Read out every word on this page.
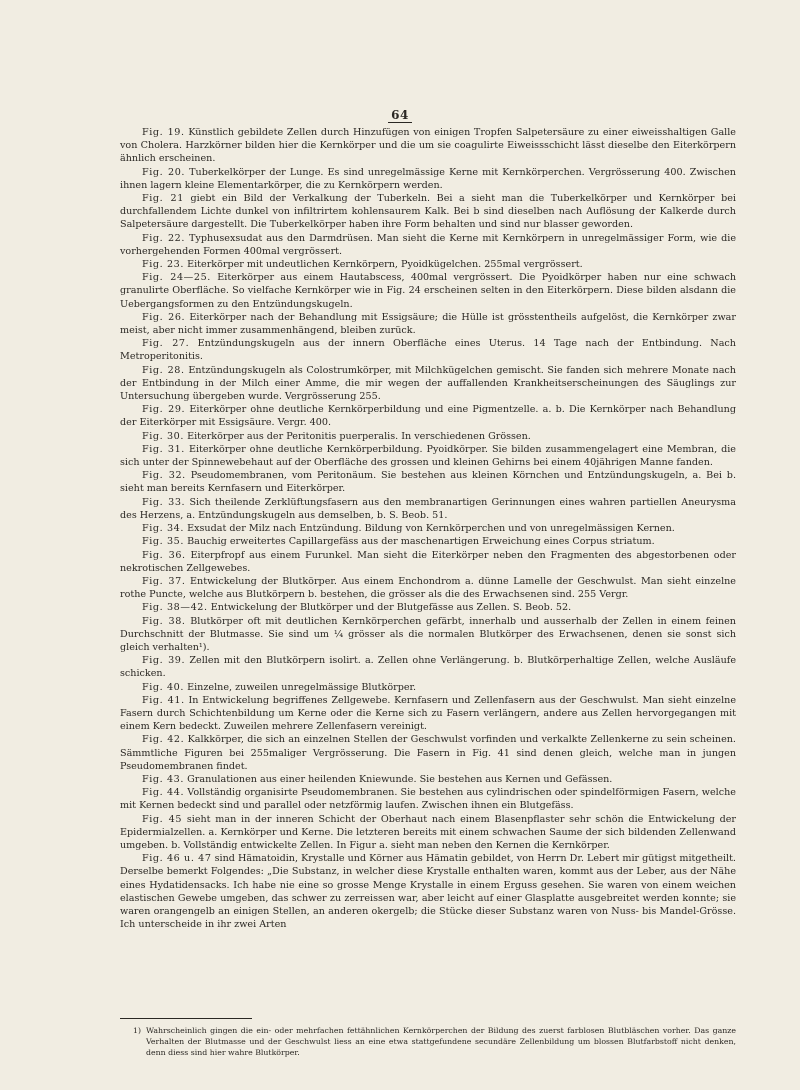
64

Fig. 19. Künstlich gebildete Zellen durch Hinzufügen von einigen Tropfen Salpetersäure zu einer eiweisshaltigen Galle von Cholera. Harzkörner bilden hier die Kernkörper und die um sie coagulirte Eiweissschicht lässt dieselbe den Eiterkörpern ähnlich erscheinen.

Fig. 20. Tuberkelkörper der Lunge. Es sind unregelmässige Kerne mit Kernkörperchen. Vergrösserung 400. Zwischen ihnen lagern kleine Elementarkörper, die zu Kernkörpern werden.

Fig. 21 giebt ein Bild der Verkalkung der Tuberkeln. Bei a sieht man die Tuberkelkörper und Kernkörper bei durchfallendem Lichte dunkel von infiltrirtem kohlensaurem Kalk. Bei b sind dieselben nach Auflösung der Kalkerde durch Salpetersäure dargestellt. Die Tuberkelkörper haben ihre Form behalten und sind nur blasser geworden.

Fig. 22. Typhusexsudat aus den Darmdrüsen. Man sieht die Kerne mit Kernkörpern in unregelmässiger Form, wie die vorhergehenden Formen 400mal vergrössert.

Fig. 23. Eiterkörper mit undeutlichen Kernkörpern, Pyoidkügelchen. 255mal vergrössert.

Fig. 24—25. Eiterkörper aus einem Hautabscess, 400mal vergrössert. Die Pyoidkörper haben nur eine schwach granulirte Oberfläche. So vielfache Kernkörper wie in Fig. 24 erscheinen selten in den Eiterkörpern. Diese bilden alsdann die Uebergangsformen zu den Entzündungskugeln.

Fig. 26. Eiterkörper nach der Behandlung mit Essigsäure; die Hülle ist grösstentheils aufgelöst, die Kernkörper zwar meist, aber nicht immer zusammenhängend, bleiben zurück.

Fig. 27. Entzündungskugeln aus der innern Oberfläche eines Uterus. 14 Tage nach der Entbindung. Nach Metroperitonitis.

Fig. 28. Entzündungskugeln als Colostrumkörper, mit Milchkügelchen gemischt. Sie fanden sich mehrere Monate nach der Entbindung in der Milch einer Amme, die mir wegen der auffallenden Krankheitserscheinungen des Säuglings zur Untersuchung übergeben wurde. Vergrösserung 255.

Fig. 29. Eiterkörper ohne deutliche Kernkörperbildung und eine Pigmentzelle. a. b. Die Kernkörper nach Behandlung der Eiterkörper mit Essigsäure. Vergr. 400.

Fig. 30. Eiterkörper aus der Peritonitis puerperalis. In verschiedenen Grössen.

Fig. 31. Eiterkörper ohne deutliche Kernkörperbildung. Pyoidkörper. Sie bilden zusammengelagert eine Membran, die sich unter der Spinnewebehaut auf der Oberfläche des grossen und kleinen Gehirns bei einem 40jährigen Manne fanden.

Fig. 32. Pseudomembranen, vom Peritonäum. Sie bestehen aus kleinen Körnchen und Entzündungskugeln, a. Bei b. sieht man bereits Kernfasern und Eiterkörper.

Fig. 33. Sich theilende Zerklüftungsfasern aus den membranartigen Gerinnungen eines wahren partiellen Aneurysma des Herzens, a. Entzündungskugeln aus demselben, b. S. Beob. 51.

Fig. 34. Exsudat der Milz nach Entzündung. Bildung von Kernkörperchen und von unregelmässigen Kernen.

Fig. 35. Bauchig erweitertes Capillargefäss aus der maschenartigen Erweichung eines Corpus striatum.

Fig. 36. Eiterpfropf aus einem Furunkel. Man sieht die Eiterkörper neben den Fragmenten des abgestorbenen oder nekrotischen Zellgewebes.

Fig. 37. Entwickelung der Blutkörper. Aus einem Enchondrom a. dünne Lamelle der Geschwulst. Man sieht einzelne rothe Puncte, welche aus Blutkörpern b. bestehen, die grösser als die des Erwachsenen sind. 255 Vergr.

Fig. 38—42. Entwickelung der Blutkörper und der Blutgefässe aus Zellen. S. Beob. 52.

Fig. 38. Blutkörper oft mit deutlichen Kernkörperchen gefärbt, innerhalb und ausserhalb der Zellen in einem feinen Durchschnitt der Blutmasse. Sie sind um ¼ grösser als die normalen Blutkörper des Erwachsenen, denen sie sonst sich gleich verhalten¹).

Fig. 39. Zellen mit den Blutkörpern isolirt. a. Zellen ohne Verlängerung. b. Blutkörperhaltige Zellen, welche Ausläufe schicken.

Fig. 40. Einzelne, zuweilen unregelmässige Blutkörper.

Fig. 41. In Entwickelung begriffenes Zellgewebe. Kernfasern und Zellenfasern aus der Geschwulst. Man sieht einzelne Fasern durch Schichtenbildung um Kerne oder die Kerne sich zu Fasern verlängern, andere aus Zellen hervorgegangen mit einem Kern bedeckt. Zuweilen mehrere Zellenfasern vereinigt.

Fig. 42. Kalkkörper, die sich an einzelnen Stellen der Geschwulst vorfinden und verkalkte Zellenkerne zu sein scheinen. Sämmtliche Figuren bei 255maliger Vergrösserung. Die Fasern in Fig. 41 sind denen gleich, welche man in jungen Pseudomembranen findet.

Fig. 43. Granulationen aus einer heilenden Kniewunde. Sie bestehen aus Kernen und Gefässen.

Fig. 44. Vollständig organisirte Pseudomembranen. Sie bestehen aus cylindrischen oder spindelförmigen Fasern, welche mit Kernen bedeckt sind und parallel oder netzförmig laufen. Zwischen ihnen ein Blutgefäss.

Fig. 45 sieht man in der inneren Schicht der Oberhaut nach einem Blasenpflaster sehr schön die Entwickelung der Epidermialzellen. a. Kernkörper und Kerne. Die letzteren bereits mit einem schwachen Saume der sich bildenden Zellenwand umgeben. b. Vollständig entwickelte Zellen. In Figur a. sieht man neben den Kernen die Kernkörper.

Fig. 46 u. 47 sind Hämatoidin, Krystalle und Körner aus Hämatin gebildet, von Herrn Dr. Lebert mir gütigst mitgetheilt. Derselbe bemerkt Folgendes: „Die Substanz, in welcher diese Krystalle enthalten waren, kommt aus der Leber, aus der Nähe eines Hydatidensacks. Ich habe nie eine so grosse Menge Krystalle in einem Erguss gesehen. Sie waren von einem weichen elastischen Gewebe umgeben, das schwer zu zerreissen war, aber leicht auf einer Glasplatte ausgebreitet werden konnte; sie waren orangengelb an einigen Stellen, an anderen okergelb; die Stücke dieser Substanz waren von Nuss- bis Mandel-Grösse. Ich unterscheide in ihr zwei Arten

1) Wahrscheinlich gingen die ein- oder mehrfachen fettähnlichen Kernkörperchen der Bildung des zuerst farblosen Blutbläschen vorher. Das ganze Verhalten der Blutmasse und der Geschwulst liess an eine etwa stattgefundene secundäre Zellenbildung um blossen Blutfarbstoff nicht denken, denn diess sind hier wahre Blutkörper.
